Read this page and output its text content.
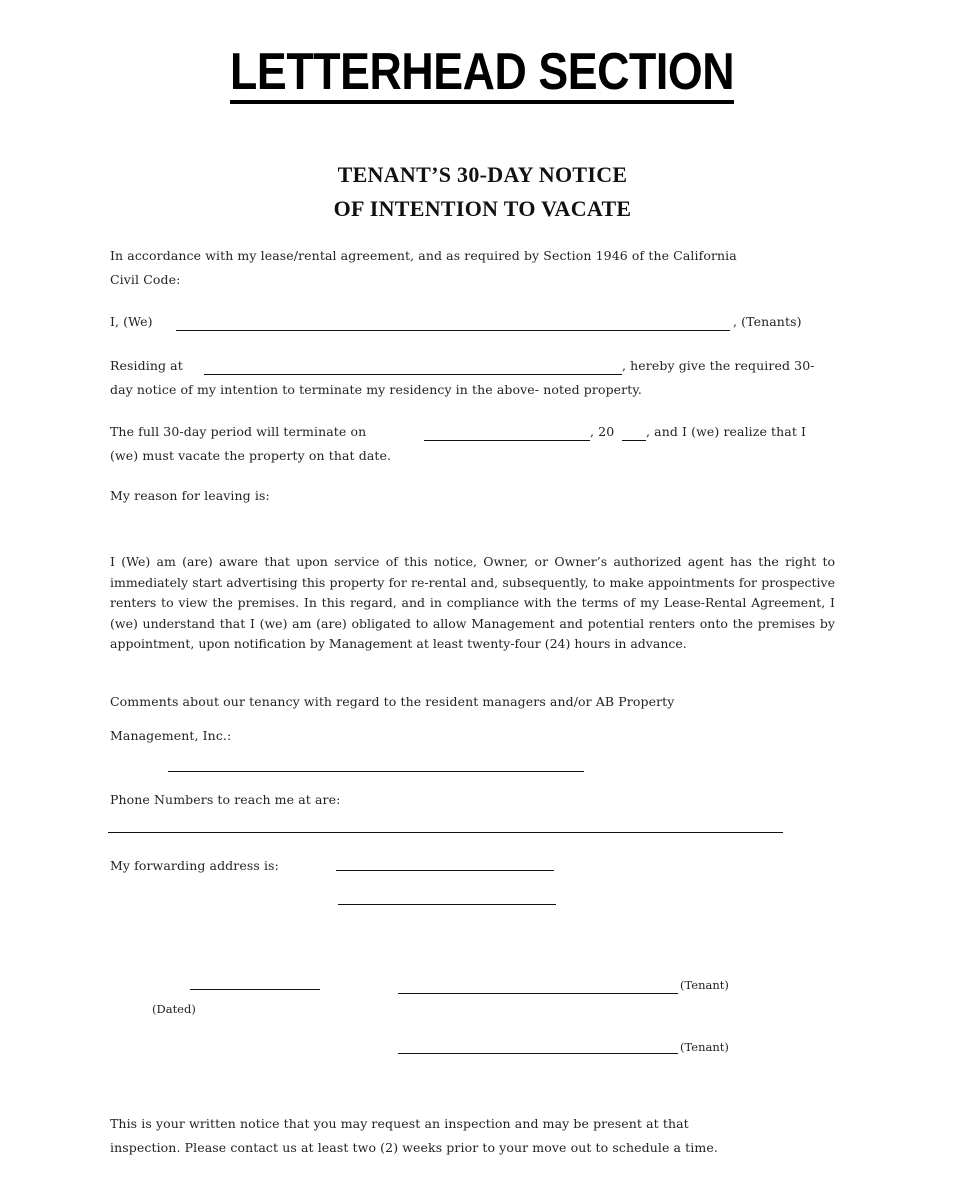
LETTERHEAD SECTION
TENANT’S 30-DAY NOTICE
OF INTENTION TO VACATE
In accordance with my lease/rental agreement, and as required by Section 1946 of the California
Civil Code:
I, (We)	, (Tenants)
Residing at	, hereby give the required 30-
day notice of my intention to terminate my residency in the above- noted property.
The full 30-day period will terminate on	, 20	, and I (we) realize that I
(we) must vacate the property on that date.
My reason for leaving is:
I (We) am (are) aware that upon service of this notice, Owner, or Owner’s authorized agent has the right to immediately start advertising this property for re-rental and, subsequently, to make appointments for prospective renters to view the premises. In this regard, and in compliance with the terms of my Lease-Rental Agreement, I (we) understand that I (we) am (are) obligated to allow Management and potential renters onto the premises by appointment, upon notification by Management at least twenty-four (24) hours in advance.
Comments about our tenancy with regard to the resident managers and/or AB Property
Management, Inc.:
Phone Numbers to reach me at are:
My forwarding address is:
(Dated)
(Tenant)
(Tenant)
This is your written notice that you may request an inspection and may be present at that
inspection. Please contact us at least two (2) weeks prior to your move out to schedule a time.
